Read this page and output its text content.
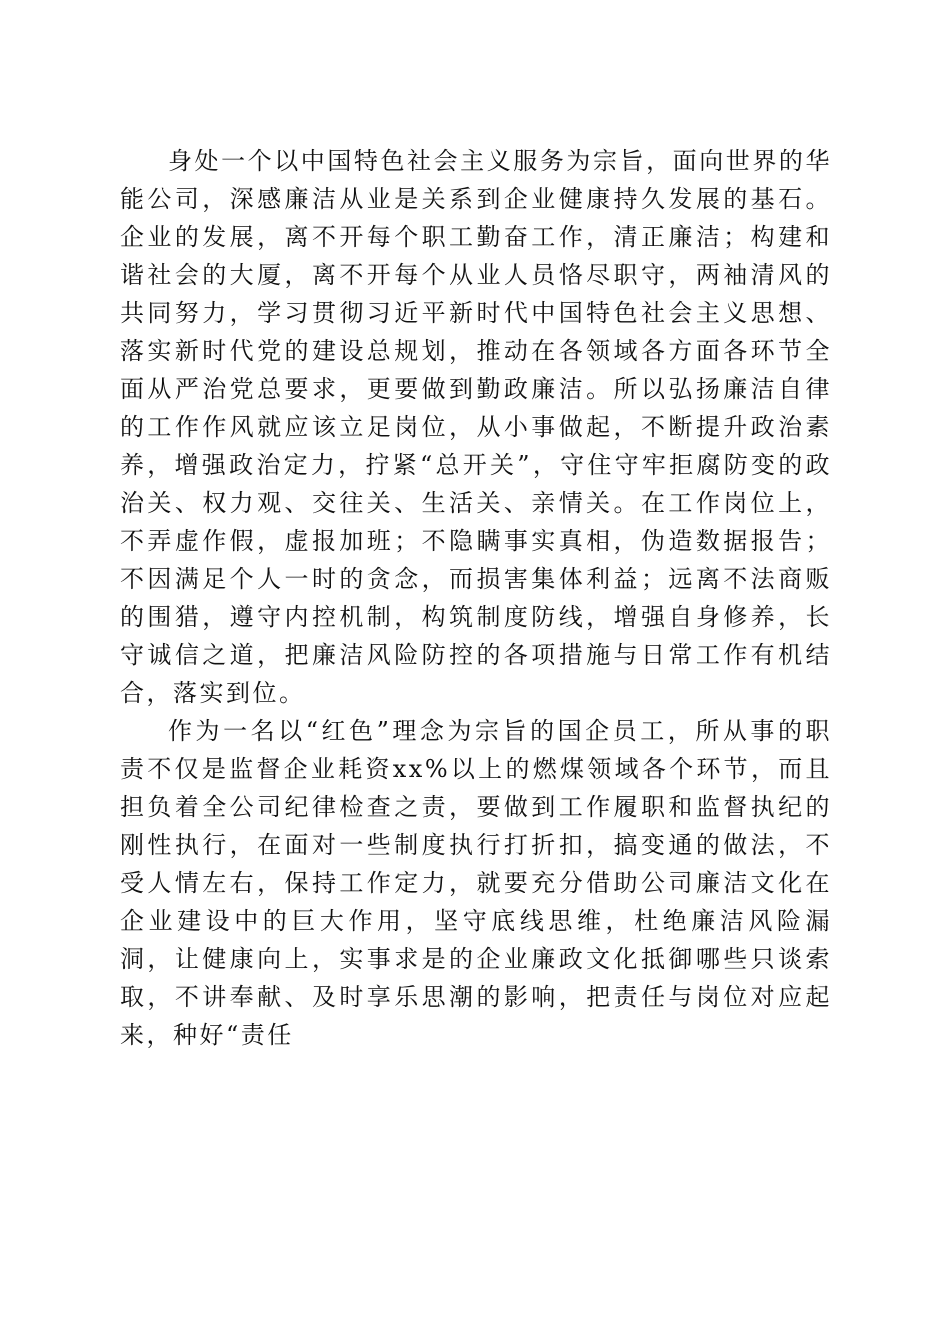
身处一个以中国特色社会主义服务为宗旨，面向世界的华能公司，深感廉洁从业是关系到企业健康持久发展的基石。企业的发展，离不开每个职工勤奋工作，清正廉洁；构建和谐社会的大厦，离不开每个从业人员恪尽职守，两袖清风的共同努力，学习贯彻习近平新时代中国特色社会主义思想、落实新时代党的建设总规划，推动在各领域各方面各环节全面从严治党总要求，更要做到勤政廉洁。所以弘扬廉洁自律的工作作风就应该立足岗位，从小事做起，不断提升政治素养，增强政治定力，拧紧“总开关”，守住守牢拒腐防变的政治关、权力观、交往关、生活关、亲情关。在工作岗位上，不弄虚作假，虚报加班；不隐瞒事实真相，伪造数据报告；不因满足个人一时的贪念，而损害集体利益；远离不法商贩的围猎，遵守内控机制，构筑制度防线，增强自身修养，长守诚信之道，把廉洁风险防控的各项措施与日常工作有机结合，落实到位。

作为一名以“红色”理念为宗旨的国企员工，所从事的职责不仅是监督企业耗资xx%以上的燃煤领域各个环节，而且担负着全公司纪律检查之责，要做到工作履职和监督执纪的刚性执行，在面对一些制度执行打折扣，搞变通的做法，不受人情左右，保持工作定力，就要充分借助公司廉洁文化在企业建设中的巨大作用，坚守底线思维，杜绝廉洁风险漏洞，让健康向上，实事求是的企业廉政文化抵御哪些只谈索取，不讲奉献、及时享乐思潮的影响，把责任与岗位对应起来，种好“责任
